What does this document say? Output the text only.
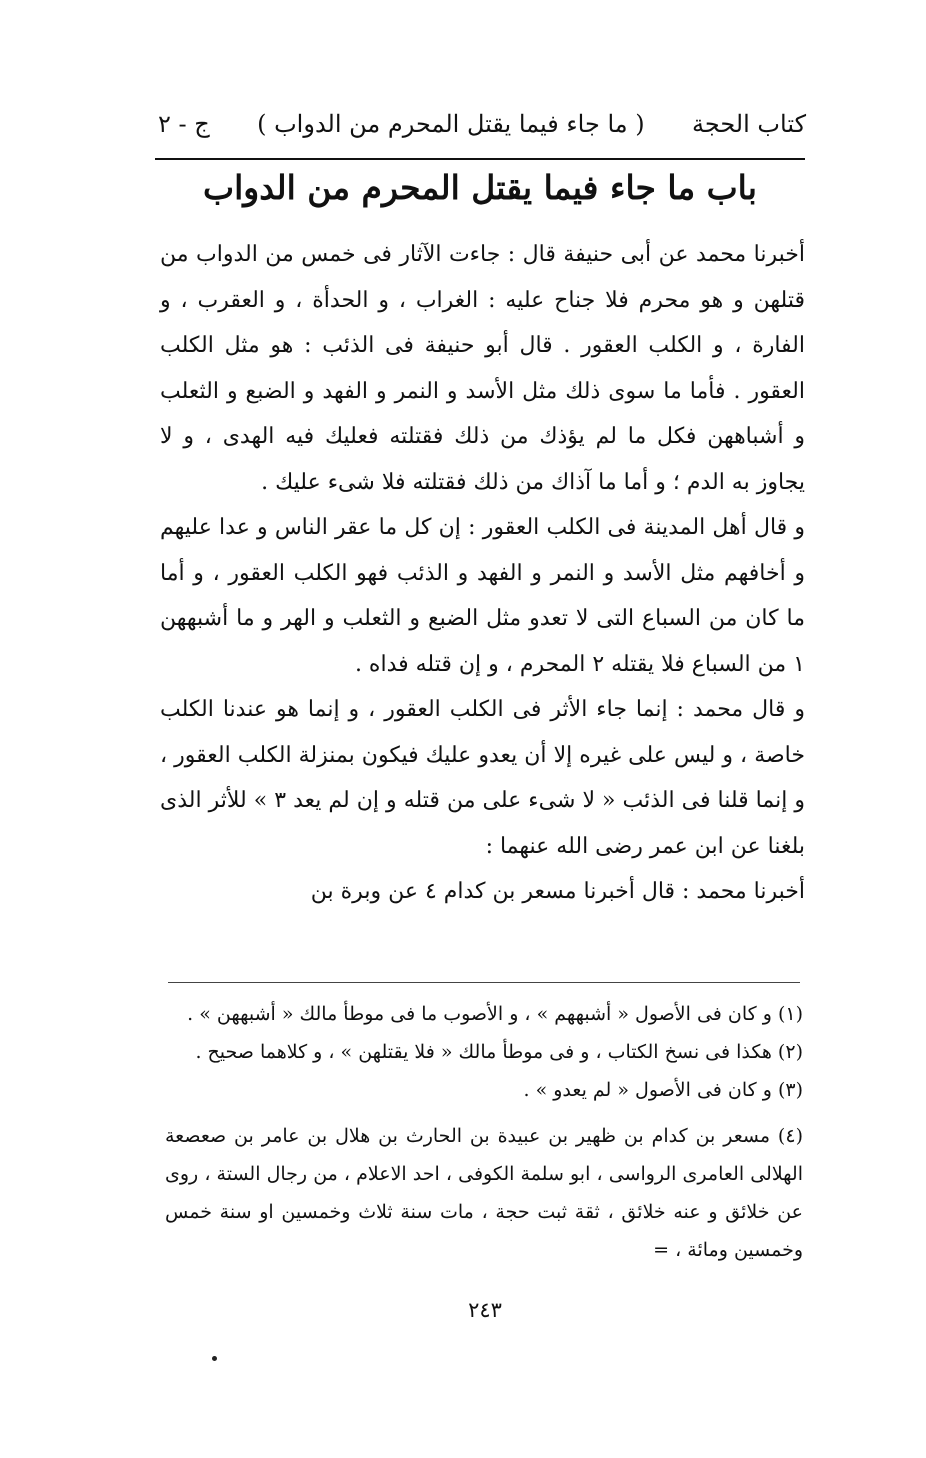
كتاب الحجة
( ما جاء فيما يقتل المحرم من الدواب )
ج - ٢
باب ما جاء فيما يقتل المحرم من الدواب

أخبرنا محمد عن أبى حنيفة قال : جاءت الآثار فى خمس من الدواب من قتلهن و هو محرم فلا جناح عليه : الغراب ، و الحدأة ، و العقرب ، و الفارة ، و الكلب العقور . قال أبو حنيفة فى الذئب : هو مثل الكلب العقور . فأما ما سوى ذلك مثل الأسد و النمر و الفهد و الضبع و الثعلب و أشباههن فكل ما لم يؤذك من ذلك فقتلته فعليك فيه الهدى ، و لا يجاوز به الدم ؛ و أما ما آذاك من ذلك فقتلته فلا شىء عليك .

و قال أهل المدينة فى الكلب العقور : إن كل ما عقر الناس و عدا عليهم و أخافهم مثل الأسد و النمر و الفهد و الذئب فهو الكلب العقور ، و أما ما كان من السباع التى لا تعدو مثل الضبع و الثعلب و الهر و ما أشبههن ١ من السباع فلا يقتله ٢ المحرم ، و إن قتله فداه .

و قال محمد : إنما جاء الأثر فى الكلب العقور ، و إنما هو عندنا الكلب خاصة ، و ليس على غيره إلا أن يعدو عليك فيكون بمنزلة الكلب العقور ، و إنما قلنا فى الذئب « لا شىء على من قتله و إن لم يعد ٣ » للأثر الذى بلغنا عن ابن عمر رضى الله عنهما :

أخبرنا محمد : قال أخبرنا مسعر بن كدام ٤ عن وبرة بن

(١) و كان فى الأصول « أشبههم » ، و الأصوب ما فى موطأ مالك « أشبههن » .

(٢) هكذا فى نسخ الكتاب ، و فى موطأ مالك « فلا يقتلهن » ، و كلاهما صحيح .

(٣) و كان فى الأصول « لم يعدو » .

(٤) مسعر بن كدام بن ظهير بن عبيدة بن الحارث بن هلال بن عامر بن صعصعة الهلالى العامرى الرواسى ، ابو سلمة الكوفى ، احد الاعلام ، من رجال الستة ، روى عن خلائق و عنه خلائق ، ثقة ثبت حجة ، مات سنة ثلاث وخمسين او سنة خمس وخمسين ومائة ، =

٢٤٣
